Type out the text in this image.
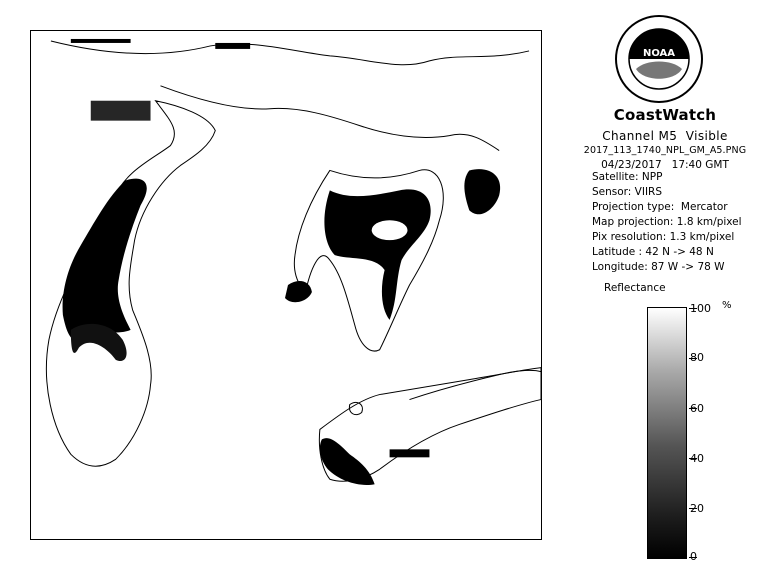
NOAA
CoastWatch
Channel M5  Visible
2017_113_1740_NPL_GM_A5.PNG
04/23/2017   17:40 GMT
Satellite: NPP
Sensor: VIIRS
Projection type:  Mercator
Map projection: 1.8 km/pixel
Pix resolution: 1.3 km/pixel
Latitude : 42 N -> 48 N
Longitude: 87 W -> 78 W
Reflectance
%
100
80
60
40
20
0
